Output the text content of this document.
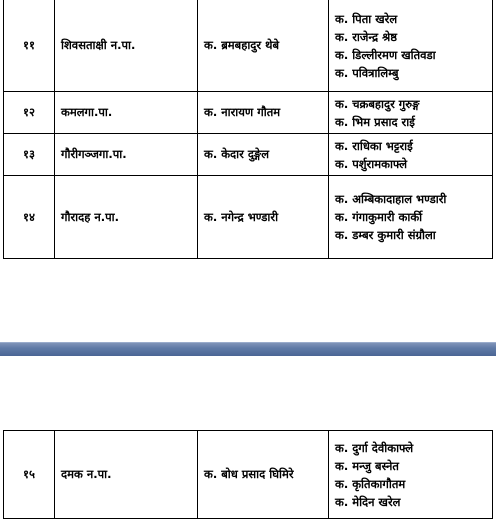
११	शिवसताक्षी न.पा.	क. ब्रमबहादुर थेबे	क. पिता खरेल
क. राजेन्द्र श्रेष्ठ
क. डिल्लीरमण खतिवडा
क. पवित्रालिम्बु

१२	कमलगा.पा.	क. नारायण गौतम	क. चक्रबहादुर गुरुङ्ग
क. भिम प्रसाद राई

१३	गौरीगञ्जगा.पा.	क. केदार दुङ्गेल	क. राधिका भट्टराई
क. पर्शुरामकाफ्ले

१४	गौरादह न.पा.	क. नगेन्द्र भण्डारी	क. अम्बिकादाहाल भण्डारी
क. गंगाकुमारी कार्की
क. डम्बर कुमारी संग्रौला
१५	दमक न.पा.	क. बोध प्रसाद घिमिरे	
क. दुर्गा देवीकाफ्ले
क. मन्जु बस्नेत
क. कृतिकागौतम
क. मेदिन खरेल
